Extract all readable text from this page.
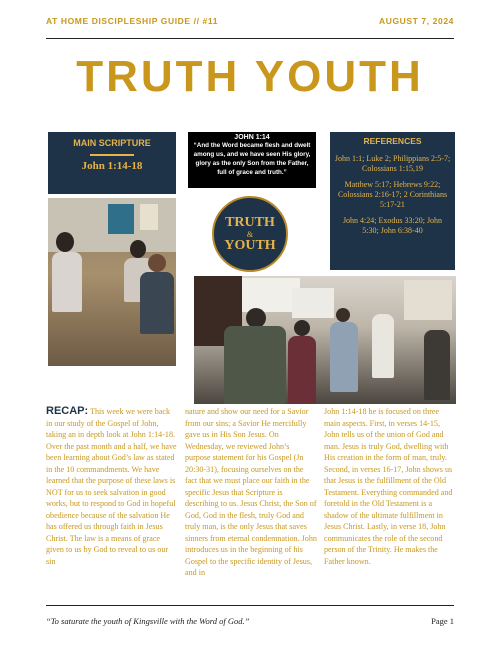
AT HOME DISCIPLESHIP GUIDE // #11	AUGUST 7, 2024
TRUTH YOUTH
MAIN SCRIPTURE
John 1:14-18
JOHN 1:14
“And the Word became flesh and dwelt among us, and we have seen His glory, glory as the only Son from the Father, full of grace and truth.”
REFERENCES
John 1:1; Luke 2; Philippians 2:5-7; Colossians 1:15,19
Matthew 5:17; Hebrews 9:22; Colossians 2:16-17; 2 Corinthians 5:17-21
John 4:24; Exodus 33:20; John 5:30; John 6:38-40
TRUTH
&
YOUTH
RECAP: This week we were back in our study of the Gospel of John, taking an in depth look at John 1:14-18. Over the past month and a half, we have been learning about God’s law as stated in the 10 commandments. We have learned that the purpose of these laws is NOT for us to seek salvation in good works, but to respond to God in hopeful obedience because of the salvation He has offered us through faith in Jesus Christ. The law is a means of grace given to us by God to reveal to us our sin
nature and show our need for a Savior from our sins; a Savior He mercifully gave us in His Son Jesus. On Wednesday, we reviewed John’s purpose statement for his Gospel (Jn 20:30-31), focusing ourselves on the fact that we must place our faith in the specific Jesus that Scripture is describing to us. Jesus Christ, the Son of God, God in the flesh, truly God and truly man, is the only Jesus that saves sinners from eternal condemnation. John introduces us in the beginning of his Gospel to the specific identity of Jesus, and in
John 1:14-18 he is focused on three main aspects. First, in verses 14-15, John tells us of the union of God and man. Jesus is truly God, dwelling with His creation in the form of man, truly. Second, in verses 16-17, John shows us that Jesus is the fulfillment of the Old Testament. Everything commanded and foretold in the Old Testament is a shadow of the ultimate fulfillment in Jesus Christ. Lastly, in verse 18, John communicates the role of the second person of the Trinity. He makes the Father known.
“To saturate the youth of Kingsville with the Word of God.”	Page 1
